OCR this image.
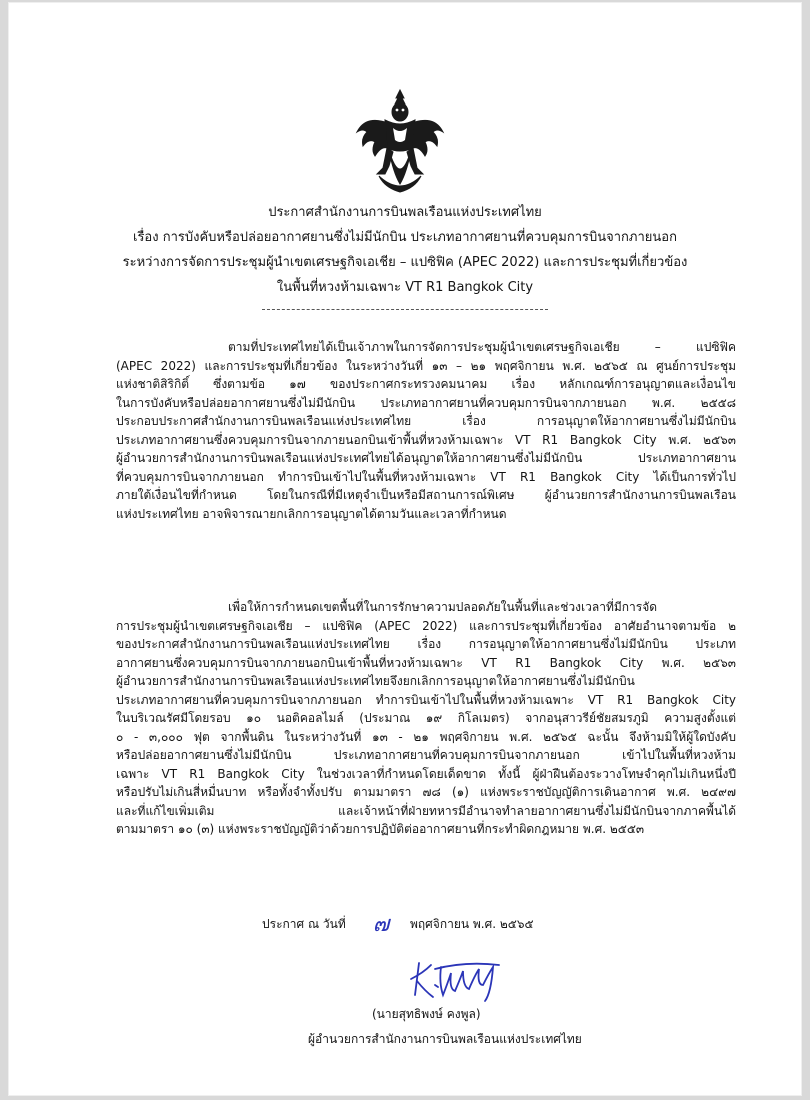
ประกาศสำนักงานการบินพลเรือนแห่งประเทศไทย
เรื่อง การบังคับหรือปล่อยอากาศยานซึ่งไม่มีนักบิน ประเภทอากาศยานที่ควบคุมการบินจากภายนอก
ระหว่างการจัดการประชุมผู้นำเขตเศรษฐกิจเอเชีย – แปซิฟิค (APEC 2022) และการประชุมที่เกี่ยวข้อง
ในพื้นที่หวงห้ามเฉพาะ VT R1 Bangkok City
ตามที่ประเทศไทยได้เป็นเจ้าภาพในการจัดการประชุมผู้นำเขตเศรษฐกิจเอเชีย – แปซิฟิค
(APEC 2022) และการประชุมที่เกี่ยวข้อง ในระหว่างวันที่ ๑๓ – ๒๑ พฤศจิกายน พ.ศ. ๒๕๖๕ ณ ศูนย์การประชุม
แห่งชาติสิริกิติ์ ซึ่งตามข้อ ๑๗ ของประกาศกระทรวงคมนาคม เรื่อง หลักเกณฑ์การอนุญาตและเงื่อนไข
ในการบังคับหรือปล่อยอากาศยานซึ่งไม่มีนักบิน ประเภทอากาศยานที่ควบคุมการบินจากภายนอก พ.ศ. ๒๕๕๘
ประกอบประกาศสำนักงานการบินพลเรือนแห่งประเทศไทย เรื่อง การอนุญาตให้อากาศยานซึ่งไม่มีนักบิน
ประเภทอากาศยานซึ่งควบคุมการบินจากภายนอกบินเข้าพื้นที่หวงห้ามเฉพาะ VT R1 Bangkok City พ.ศ. ๒๕๖๓
ผู้อำนวยการสำนักงานการบินพลเรือนแห่งประเทศไทยได้อนุญาตให้อากาศยานซึ่งไม่มีนักบิน ประเภทอากาศยาน
ที่ควบคุมการบินจากภายนอก ทำการบินเข้าไปในพื้นที่หวงห้ามเฉพาะ VT R1 Bangkok City ได้เป็นการทั่วไป
ภายใต้เงื่อนไขที่กำหนด โดยในกรณีที่มีเหตุจำเป็นหรือมีสถานการณ์พิเศษ ผู้อำนวยการสำนักงานการบินพลเรือน
แห่งประเทศไทย อาจพิจารณายกเลิกการอนุญาตได้ตามวันและเวลาที่กำหนด
เพื่อให้การกำหนดเขตพื้นที่ในการรักษาความปลอดภัยในพื้นที่และช่วงเวลาที่มีการจัด
การประชุมผู้นำเขตเศรษฐกิจเอเชีย – แปซิฟิค (APEC 2022) และการประชุมที่เกี่ยวข้อง อาศัยอำนาจตามข้อ ๒
ของประกาศสำนักงานการบินพลเรือนแห่งประเทศไทย เรื่อง การอนุญาตให้อากาศยานซึ่งไม่มีนักบิน ประเภท
อากาศยานซึ่งควบคุมการบินจากภายนอกบินเข้าพื้นที่หวงห้ามเฉพาะ VT R1 Bangkok City พ.ศ. ๒๕๖๓
ผู้อำนวยการสำนักงานการบินพลเรือนแห่งประเทศไทยจึงยกเลิกการอนุญาตให้อากาศยานซึ่งไม่มีนักบิน
ประเภทอากาศยานที่ควบคุมการบินจากภายนอก ทำการบินเข้าไปในพื้นที่หวงห้ามเฉพาะ VT R1 Bangkok City
ในบริเวณรัศมีโดยรอบ ๑๐ นอติคอลไมล์ (ประมาณ ๑๙ กิโลเมตร) จากอนุสาวรีย์ชัยสมรภูมิ ความสูงตั้งแต่
๐ - ๓,๐๐๐ ฟุต จากพื้นดิน ในระหว่างวันที่ ๑๓ - ๒๑ พฤศจิกายน พ.ศ. ๒๕๖๕ ฉะนั้น จึงห้ามมิให้ผู้ใดบังคับ
หรือปล่อยอากาศยานซึ่งไม่มีนักบิน ประเภทอากาศยานที่ควบคุมการบินจากภายนอก เข้าไปในพื้นที่หวงห้าม
เฉพาะ VT R1 Bangkok City ในช่วงเวลาที่กำหนดโดยเด็ดขาด ทั้งนี้ ผู้ฝ่าฝืนต้องระวางโทษจำคุกไม่เกินหนึ่งปี
หรือปรับไม่เกินสี่หมื่นบาท หรือทั้งจำทั้งปรับ ตามมาตรา ๗๘ (๑) แห่งพระราชบัญญัติการเดินอากาศ พ.ศ. ๒๔๙๗
และที่แก้ไขเพิ่มเติม และเจ้าหน้าที่ฝ่ายทหารมีอำนาจทำลายอากาศยานซึ่งไม่มีนักบินจากภาคพื้นได้
ตามมาตรา ๑๐ (๓) แห่งพระราชบัญญัติว่าด้วยการปฏิบัติต่ออากาศยานที่กระทำผิดกฎหมาย พ.ศ. ๒๕๕๓
ประกาศ ณ วันที่ ๗ พฤศจิกายน พ.ศ. ๒๕๖๕
(นายสุทธิพงษ์ คงพูล)
ผู้อำนวยการสำนักงานการบินพลเรือนแห่งประเทศไทย
